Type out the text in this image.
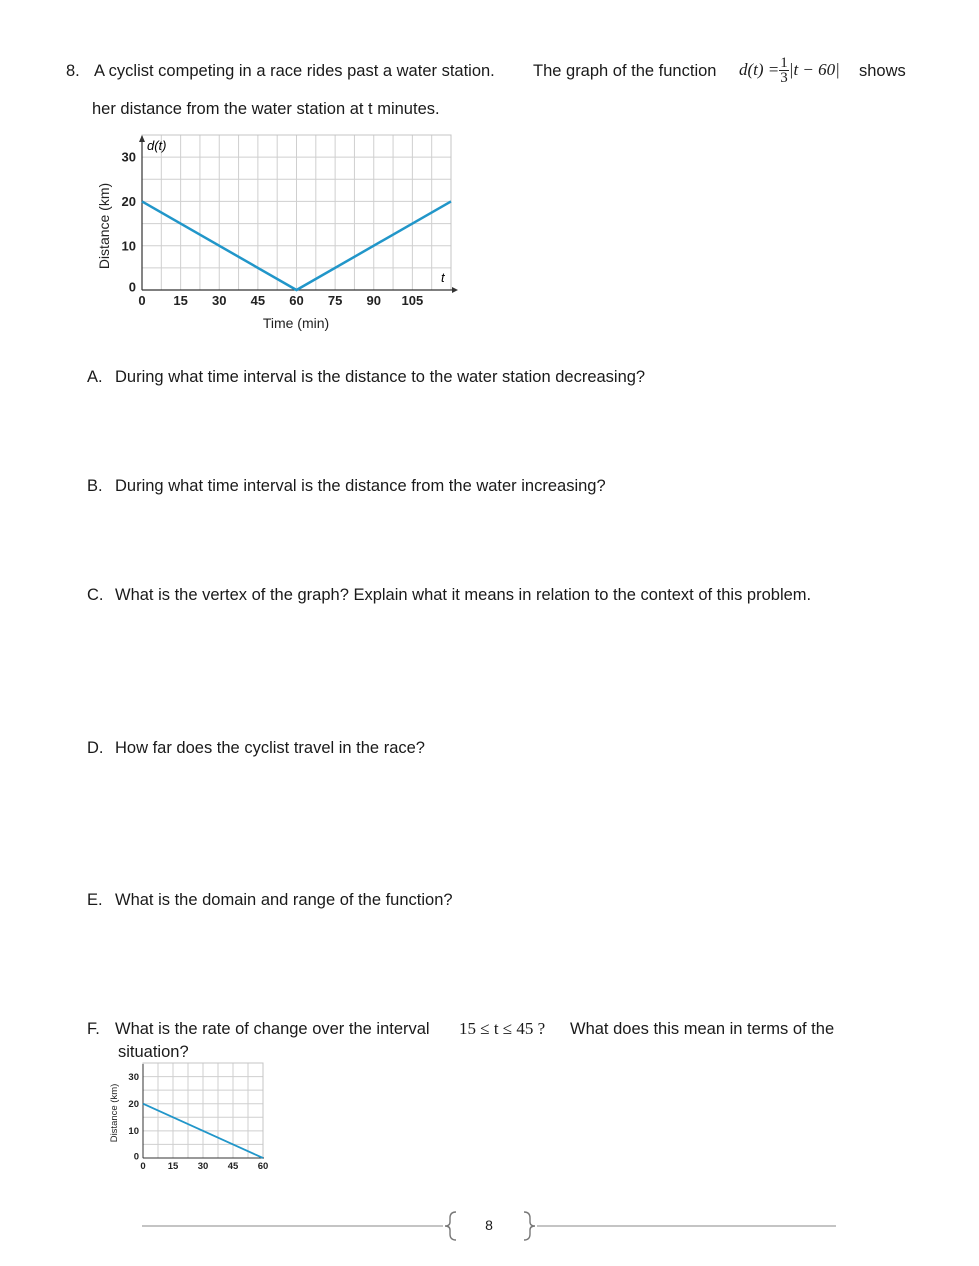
8. A cyclist competing in a race rides past a water station. The graph of the function $d(t) = \frac{1}{3} |t - 60|$ shows
her distance from the water station at t minutes.
d(t)
t
0 15 30 45 60 75 90 105
0
10
20
30
Time (min)
Distance (km)
A. During what time interval is the distance to the water station decreasing?
B. During what time interval is the distance from the water increasing?
C. What is the vertex of the graph? Explain what it means in relation to the context of this problem.
D. How far does the cyclist travel in the race?
E. What is the domain and range of the function?
F. What is the rate of change over the interval 15 ≤ t ≤ 45 ? What does this mean in terms of the
situation?
0 15 30 45 60
0
10
20
30
Distance (km)
8
